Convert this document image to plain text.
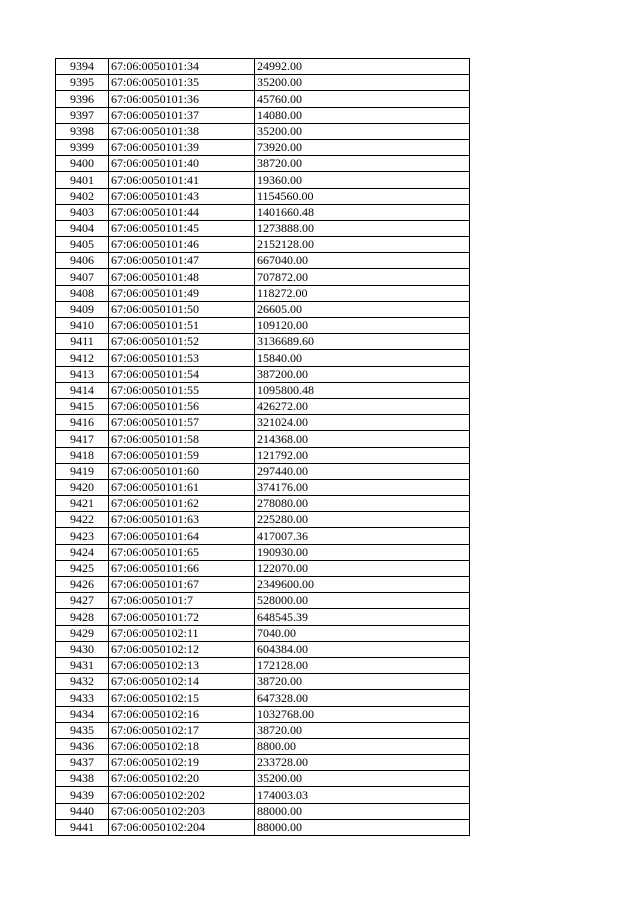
9394	67:06:0050101:34	24992.00
9395	67:06:0050101:35	35200.00
9396	67:06:0050101:36	45760.00
9397	67:06:0050101:37	14080.00
9398	67:06:0050101:38	35200.00
9399	67:06:0050101:39	73920.00
9400	67:06:0050101:40	38720.00
9401	67:06:0050101:41	19360.00
9402	67:06:0050101:43	1154560.00
9403	67:06:0050101:44	1401660.48
9404	67:06:0050101:45	1273888.00
9405	67:06:0050101:46	2152128.00
9406	67:06:0050101:47	667040.00
9407	67:06:0050101:48	707872.00
9408	67:06:0050101:49	118272.00
9409	67:06:0050101:50	26605.00
9410	67:06:0050101:51	109120.00
9411	67:06:0050101:52	3136689.60
9412	67:06:0050101:53	15840.00
9413	67:06:0050101:54	387200.00
9414	67:06:0050101:55	1095800.48
9415	67:06:0050101:56	426272.00
9416	67:06:0050101:57	321024.00
9417	67:06:0050101:58	214368.00
9418	67:06:0050101:59	121792.00
9419	67:06:0050101:60	297440.00
9420	67:06:0050101:61	374176.00
9421	67:06:0050101:62	278080.00
9422	67:06:0050101:63	225280.00
9423	67:06:0050101:64	417007.36
9424	67:06:0050101:65	190930.00
9425	67:06:0050101:66	122070.00
9426	67:06:0050101:67	2349600.00
9427	67:06:0050101:7	528000.00
9428	67:06:0050101:72	648545.39
9429	67:06:0050102:11	7040.00
9430	67:06:0050102:12	604384.00
9431	67:06:0050102:13	172128.00
9432	67:06:0050102:14	38720.00
9433	67:06:0050102:15	647328.00
9434	67:06:0050102:16	1032768.00
9435	67:06:0050102:17	38720.00
9436	67:06:0050102:18	8800.00
9437	67:06:0050102:19	233728.00
9438	67:06:0050102:20	35200.00
9439	67:06:0050102:202	174003.03
9440	67:06:0050102:203	88000.00
9441	67:06:0050102:204	88000.00
